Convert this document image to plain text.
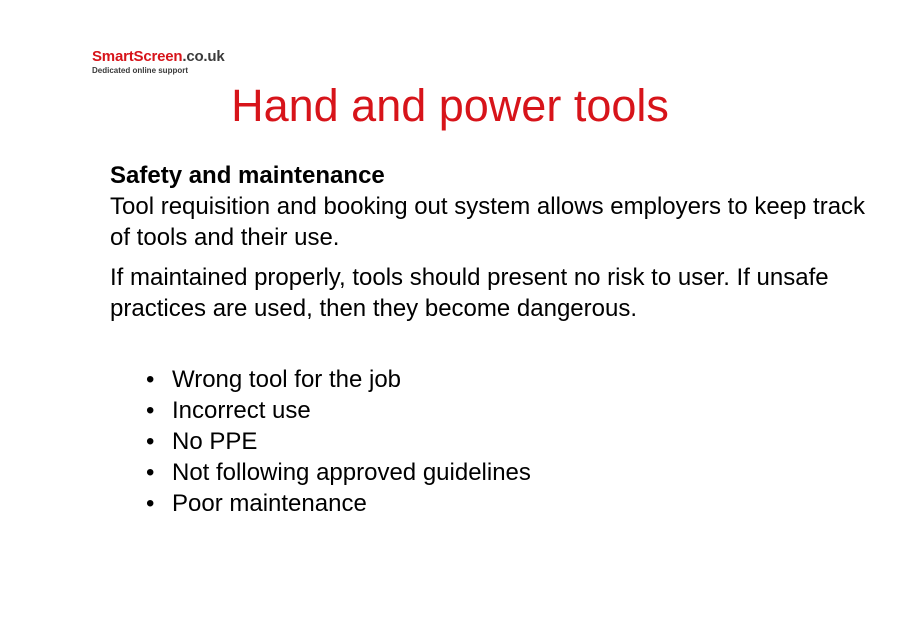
SmartScreen.co.uk
Dedicated online support
Hand and power tools

Safety and maintenance

Tool requisition and booking out system allows employers to keep track of tools and their use.

If maintained properly, tools should present no risk to user. If unsafe practices are used, then they become dangerous.

• Wrong tool for the job
• Incorrect use
• No PPE
• Not following approved guidelines
• Poor maintenance
